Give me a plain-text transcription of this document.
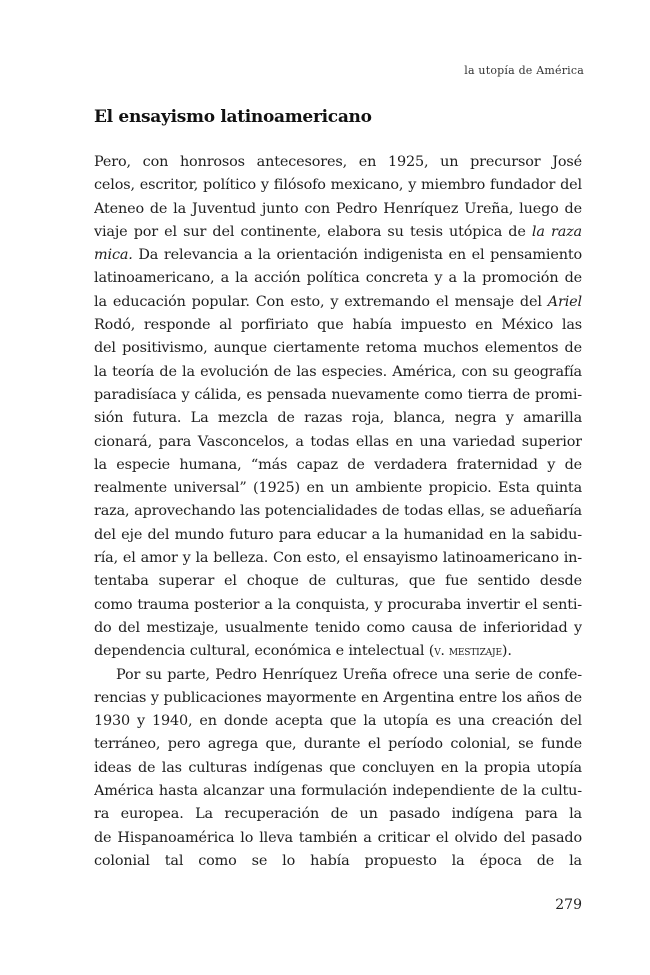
la utopía de América
El ensayismo latinoamericano
Pero, con honrosos antecesores, en 1925, un precursor José
celos, escritor, político y filósofo mexicano, y miembro fundador del
Ateneo de la Juventud junto con Pedro Henríquez Ureña, luego de
viaje por el sur del continente, elabora su tesis utópica de la raza
mica. Da relevancia a la orientación indigenista en el pensamiento
latinoamericano, a la acción política concreta y a la promoción de
la educación popular. Con esto, y extremando el mensaje del Ariel
Rodó, responde al porfiriato que había impuesto en México las
del positivismo, aunque ciertamente retoma muchos elementos de
la teoría de la evolución de las especies. América, con su geografía
paradisíaca y cálida, es pensada nuevamente como tierra de promi-
sión futura. La mezcla de razas roja, blanca, negra y amarilla
cionará, para Vasconcelos, a todas ellas en una variedad superior
la especie humana, “más capaz de verdadera fraternidad y de
realmente universal” (1925) en un ambiente propicio. Esta quinta
raza, aprovechando las potencialidades de todas ellas, se adueñaría
del eje del mundo futuro para educar a la humanidad en la sabidu-
ría, el amor y la belleza. Con esto, el ensayismo latinoamericano in-
tentaba superar el choque de culturas, que fue sentido desde
como trauma posterior a la conquista, y procuraba invertir el senti-
do del mestizaje, usualmente tenido como causa de inferioridad y
dependencia cultural, económica e intelectual (v. mestizaje).
Por su parte, Pedro Henríquez Ureña ofrece una serie de confe-
rencias y publicaciones mayormente en Argentina entre los años de
1930 y 1940, en donde acepta que la utopía es una creación del
terráneo, pero agrega que, durante el período colonial, se funde
ideas de las culturas indígenas que concluyen en la propia utopía
América hasta alcanzar una formulación independiente de la cultu-
ra europea. La recuperación de un pasado indígena para la
de Hispanoamérica lo lleva también a criticar el olvido del pasado
colonial tal como se lo había propuesto la época de la
279
